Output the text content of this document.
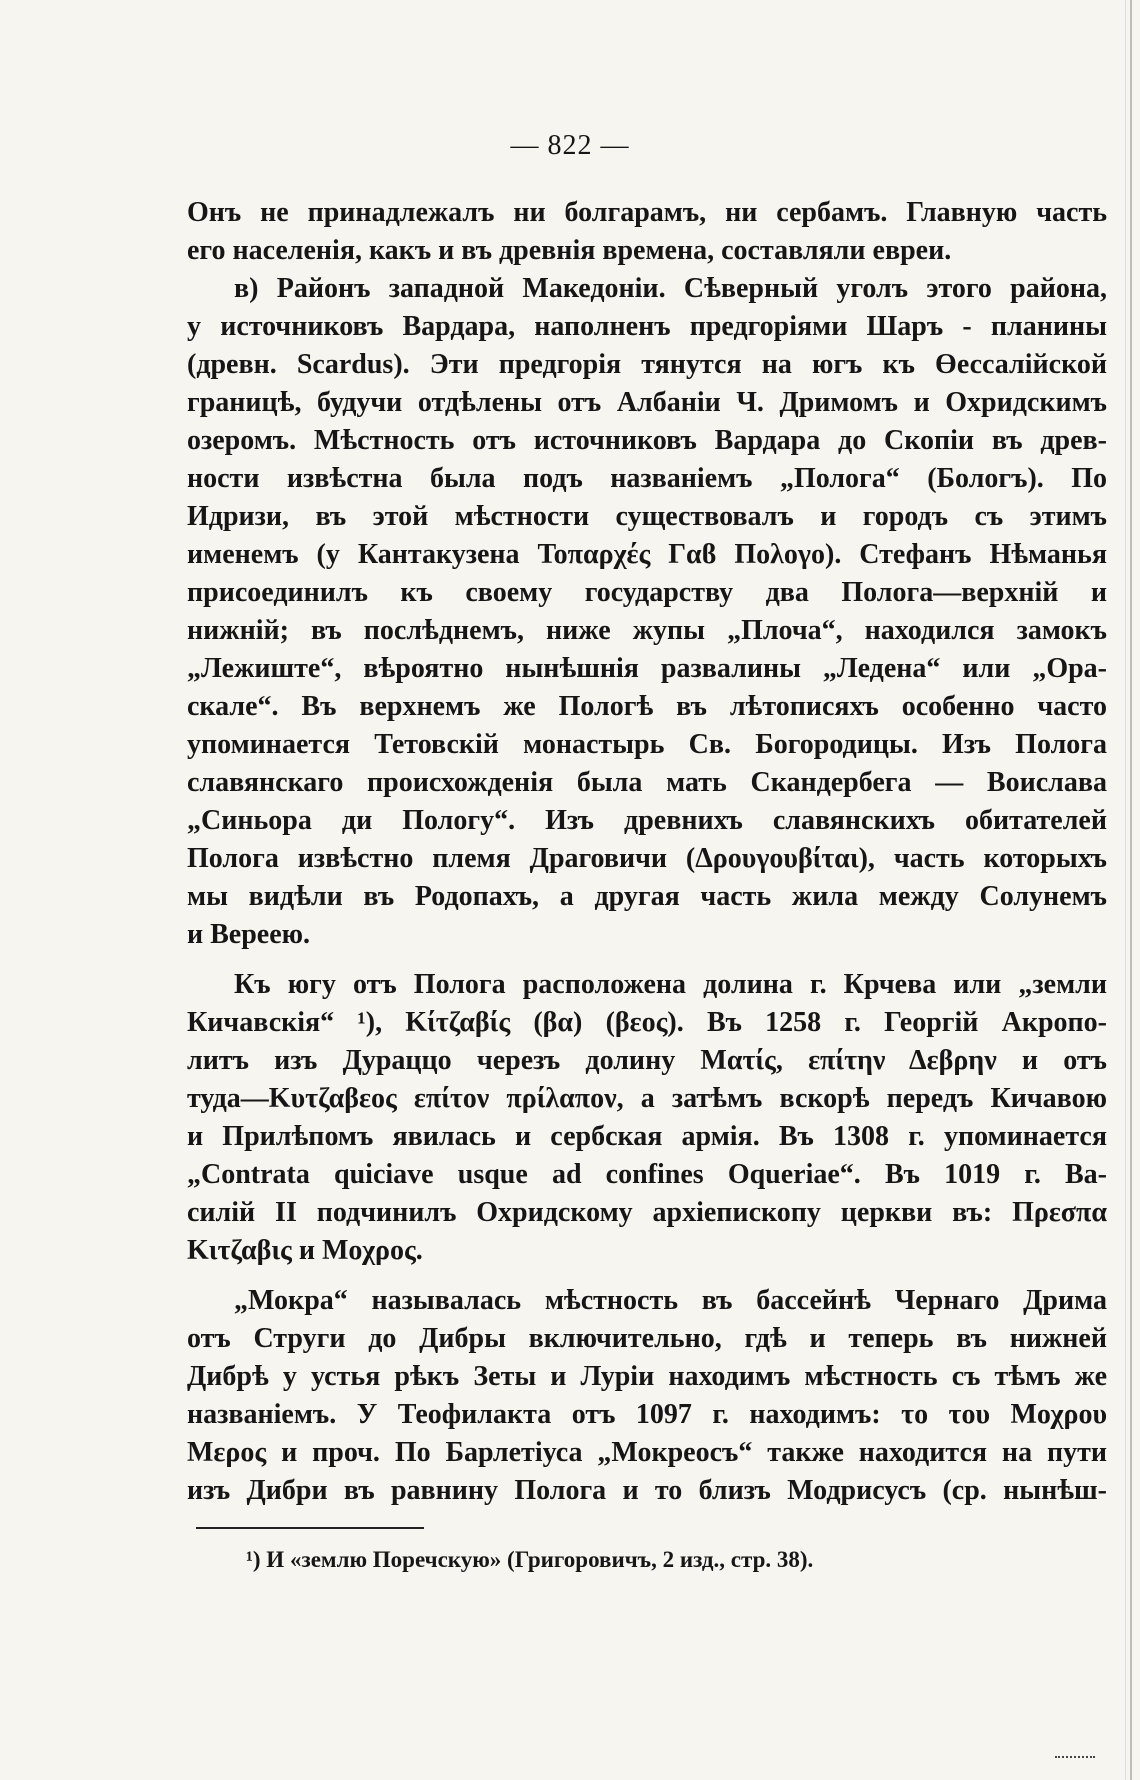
— 822 —
Онъ не принадлежалъ ни болгарамъ, ни сербамъ. Главную часть
его населенія, какъ и въ древнія времена, составляли евреи.
в) Районъ западной Македоніи. Сѣверный уголъ этого района,
у источниковъ Вардара, наполненъ предгоріями Шаръ - планины
(древн. Scardus). Эти предгорія тянутся на югъ къ Өессалійской
границѣ, будучи отдѣлены отъ Албаніи Ч. Дримомъ и Охридскимъ
озеромъ. Мѣстность отъ источниковъ Вардара до Скопіи въ древ-
ности извѣстна была подъ названіемъ „Полога“ (Бологъ). По
Идризи, въ этой мѣстности существовалъ и городъ съ этимъ
именемъ (у Кантакузена Τοπαρχές Γαϐ Πολογο). Стефанъ Нѣманья
присоединилъ къ своему государству два Полога—верхній и
нижній; въ послѣднемъ, ниже жупы „Плоча“, находился замокъ
„Лежиште“, вѣроятно нынѣшнія развалины „Ледена“ или „Ора-
скале“. Въ верхнемъ же Пологѣ въ лѣтописяхъ особенно часто
упоминается Тетовскій монастырь Св. Богородицы. Изъ Полога
славянскаго происхожденія была мать Скандербега — Воислава
„Синьора ди Пологу“. Изъ древнихъ славянскихъ обитателей
Полога извѣстно племя Драговичи (Δρουγουβίται), часть которыхъ
мы видѣли въ Родопахъ, а другая часть жила между Солунемъ
и Вереею.
Къ югу отъ Полога расположена долина г. Крчева или „земли
Кичавскія“ ¹), Κίτζαβίς (βα) (βεος). Въ 1258 г. Георгій Акропо-
литъ изъ Дураццо черезъ долину Ματίς, επίτην Δεβρην и отъ
туда—Κυτζαβεος επίτον πρίλαπον, а затѣмъ вскорѣ передъ Кичавою
и Прилѣпомъ явилась и сербская армія. Въ 1308 г. упоминается
„Contrata quiciave usque ad confines Oqueriae“. Въ 1019 г. Ва-
силій II подчинилъ Охридскому архіепископу церкви въ: Πρεσπα
Κιτζαβις и Μοχρος.
„Мокра“ называлась мѣстность въ бассейнѣ Чернаго Дрима
отъ Струги до Дибры включительно, гдѣ и теперь въ нижней
Дибрѣ у устья рѣкъ Зеты и Луріи находимъ мѣстность съ тѣмъ же
названіемъ. У Теофилакта отъ 1097 г. находимъ: το του Μοχρου
Μερος и проч. По Барлетіуса „Мокреосъ“ также находится на пути
изъ Дибри въ равнину Полога и то близъ Модрисусъ (ср. нынѣш-
¹) И «землю Поречскую» (Григоровичъ, 2 изд., стр. 38).
